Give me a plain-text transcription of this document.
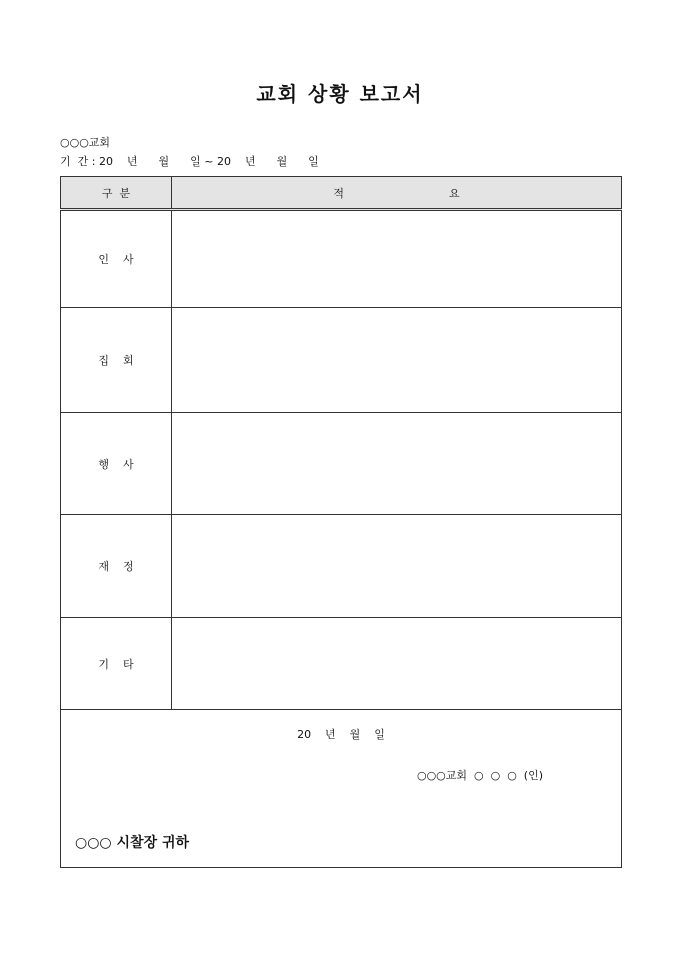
교회 상황 보고서
○○○교회
기  간 : 20    년      월      일 ~ 20    년      월      일
구  분	적                              요
인    사	
집    회	
행    사	
재    정	
기    타	

20    년    월    일
○○○교회  ○  ○  ○  (인)
○○○ 시찰장 귀하	
